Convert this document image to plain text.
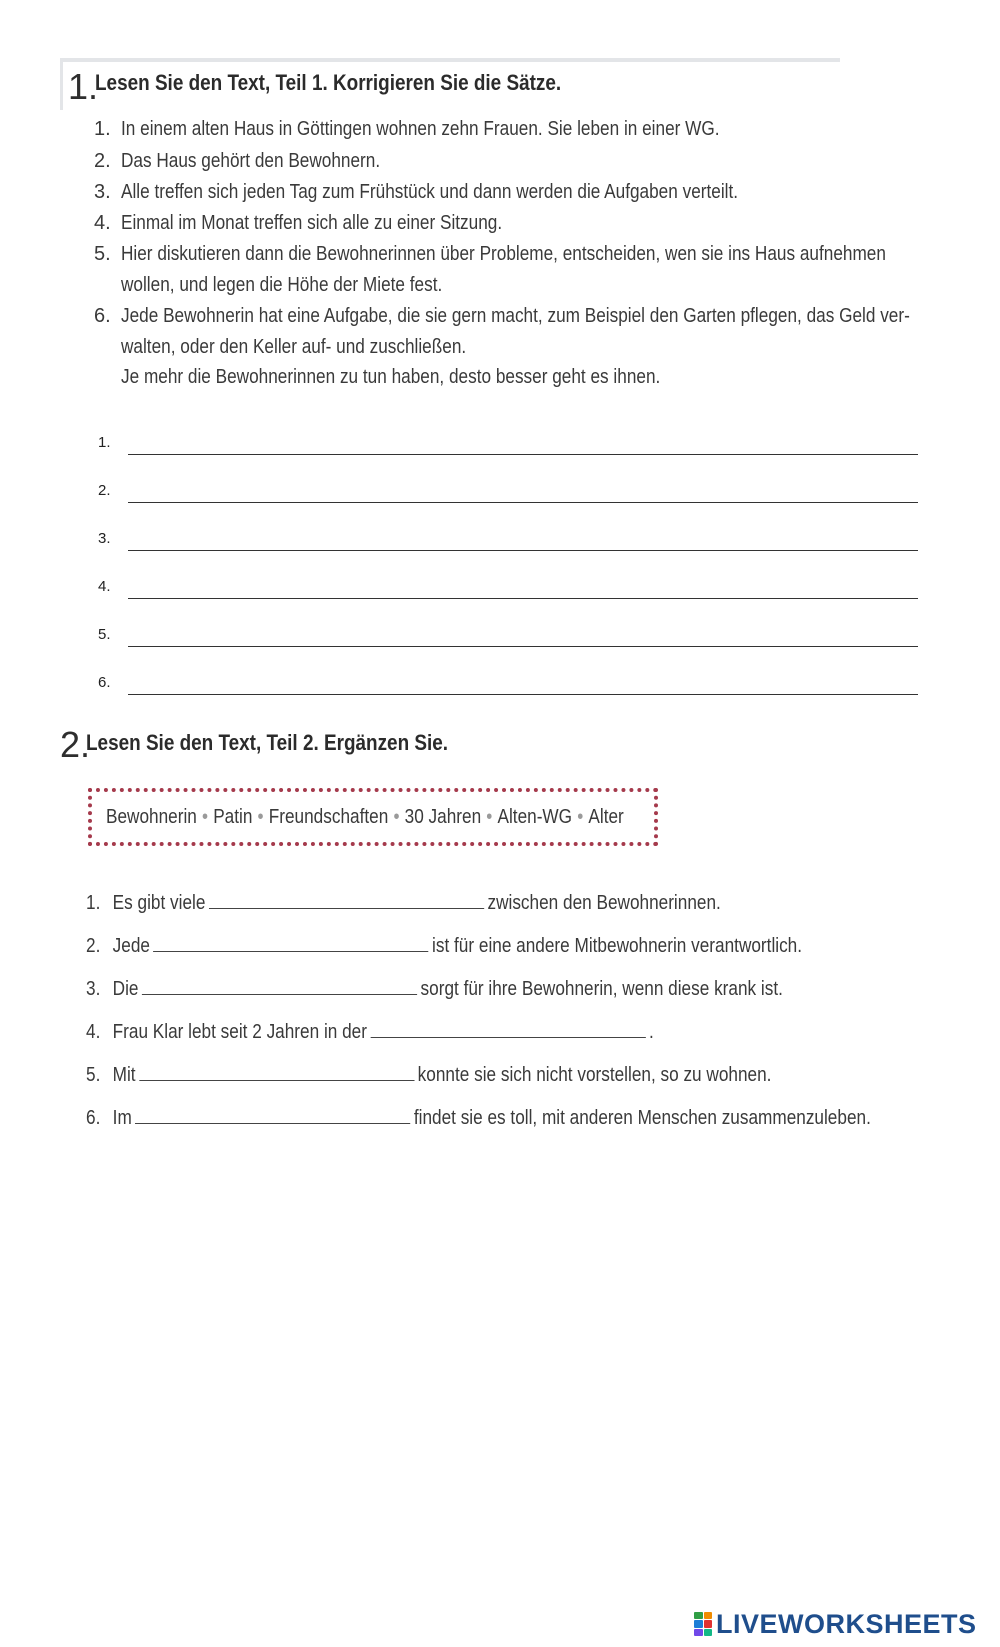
1.
Lesen Sie den Text, Teil 1. Korrigieren Sie die Sätze.
1. In einem alten Haus in Göttingen wohnen zehn Frauen. Sie leben in einer WG.
2. Das Haus gehört den Bewohnern.
3. Alle treffen sich jeden Tag zum Frühstück und dann werden die Aufgaben verteilt.
4. Einmal im Monat treffen sich alle zu einer Sitzung.
5. Hier diskutieren dann die Bewohnerinnen über Probleme, entscheiden, wen sie ins Haus aufnehmen
wollen, und legen die Höhe der Miete fest.
6. Jede Bewohnerin hat eine Aufgabe, die sie gern macht, zum Beispiel den Garten pflegen, das Geld ver-
walten, oder den Keller auf- und zuschließen.
Je mehr die Bewohnerinnen zu tun haben, desto besser geht es ihnen.
1.
2.
3.
4.
5.
6.
2.
Lesen Sie den Text, Teil 2. Ergänzen Sie.
Bewohnerin • Patin • Freundschaften • 30 Jahren • Alten-WG • Alter
1. Es gibt viele	zwischen den Bewohnerinnen.
2. Jede	ist für eine andere Mitbewohnerin verantwortlich.
3. Die	sorgt für ihre Bewohnerin, wenn diese krank ist.
4. Frau Klar lebt seit 2 Jahren in der	.
5. Mit	konnte sie sich nicht vorstellen, so zu wohnen.
6. Im	findet sie es toll, mit anderen Menschen zusammenzuleben.
LIVEWORKSHEETS
